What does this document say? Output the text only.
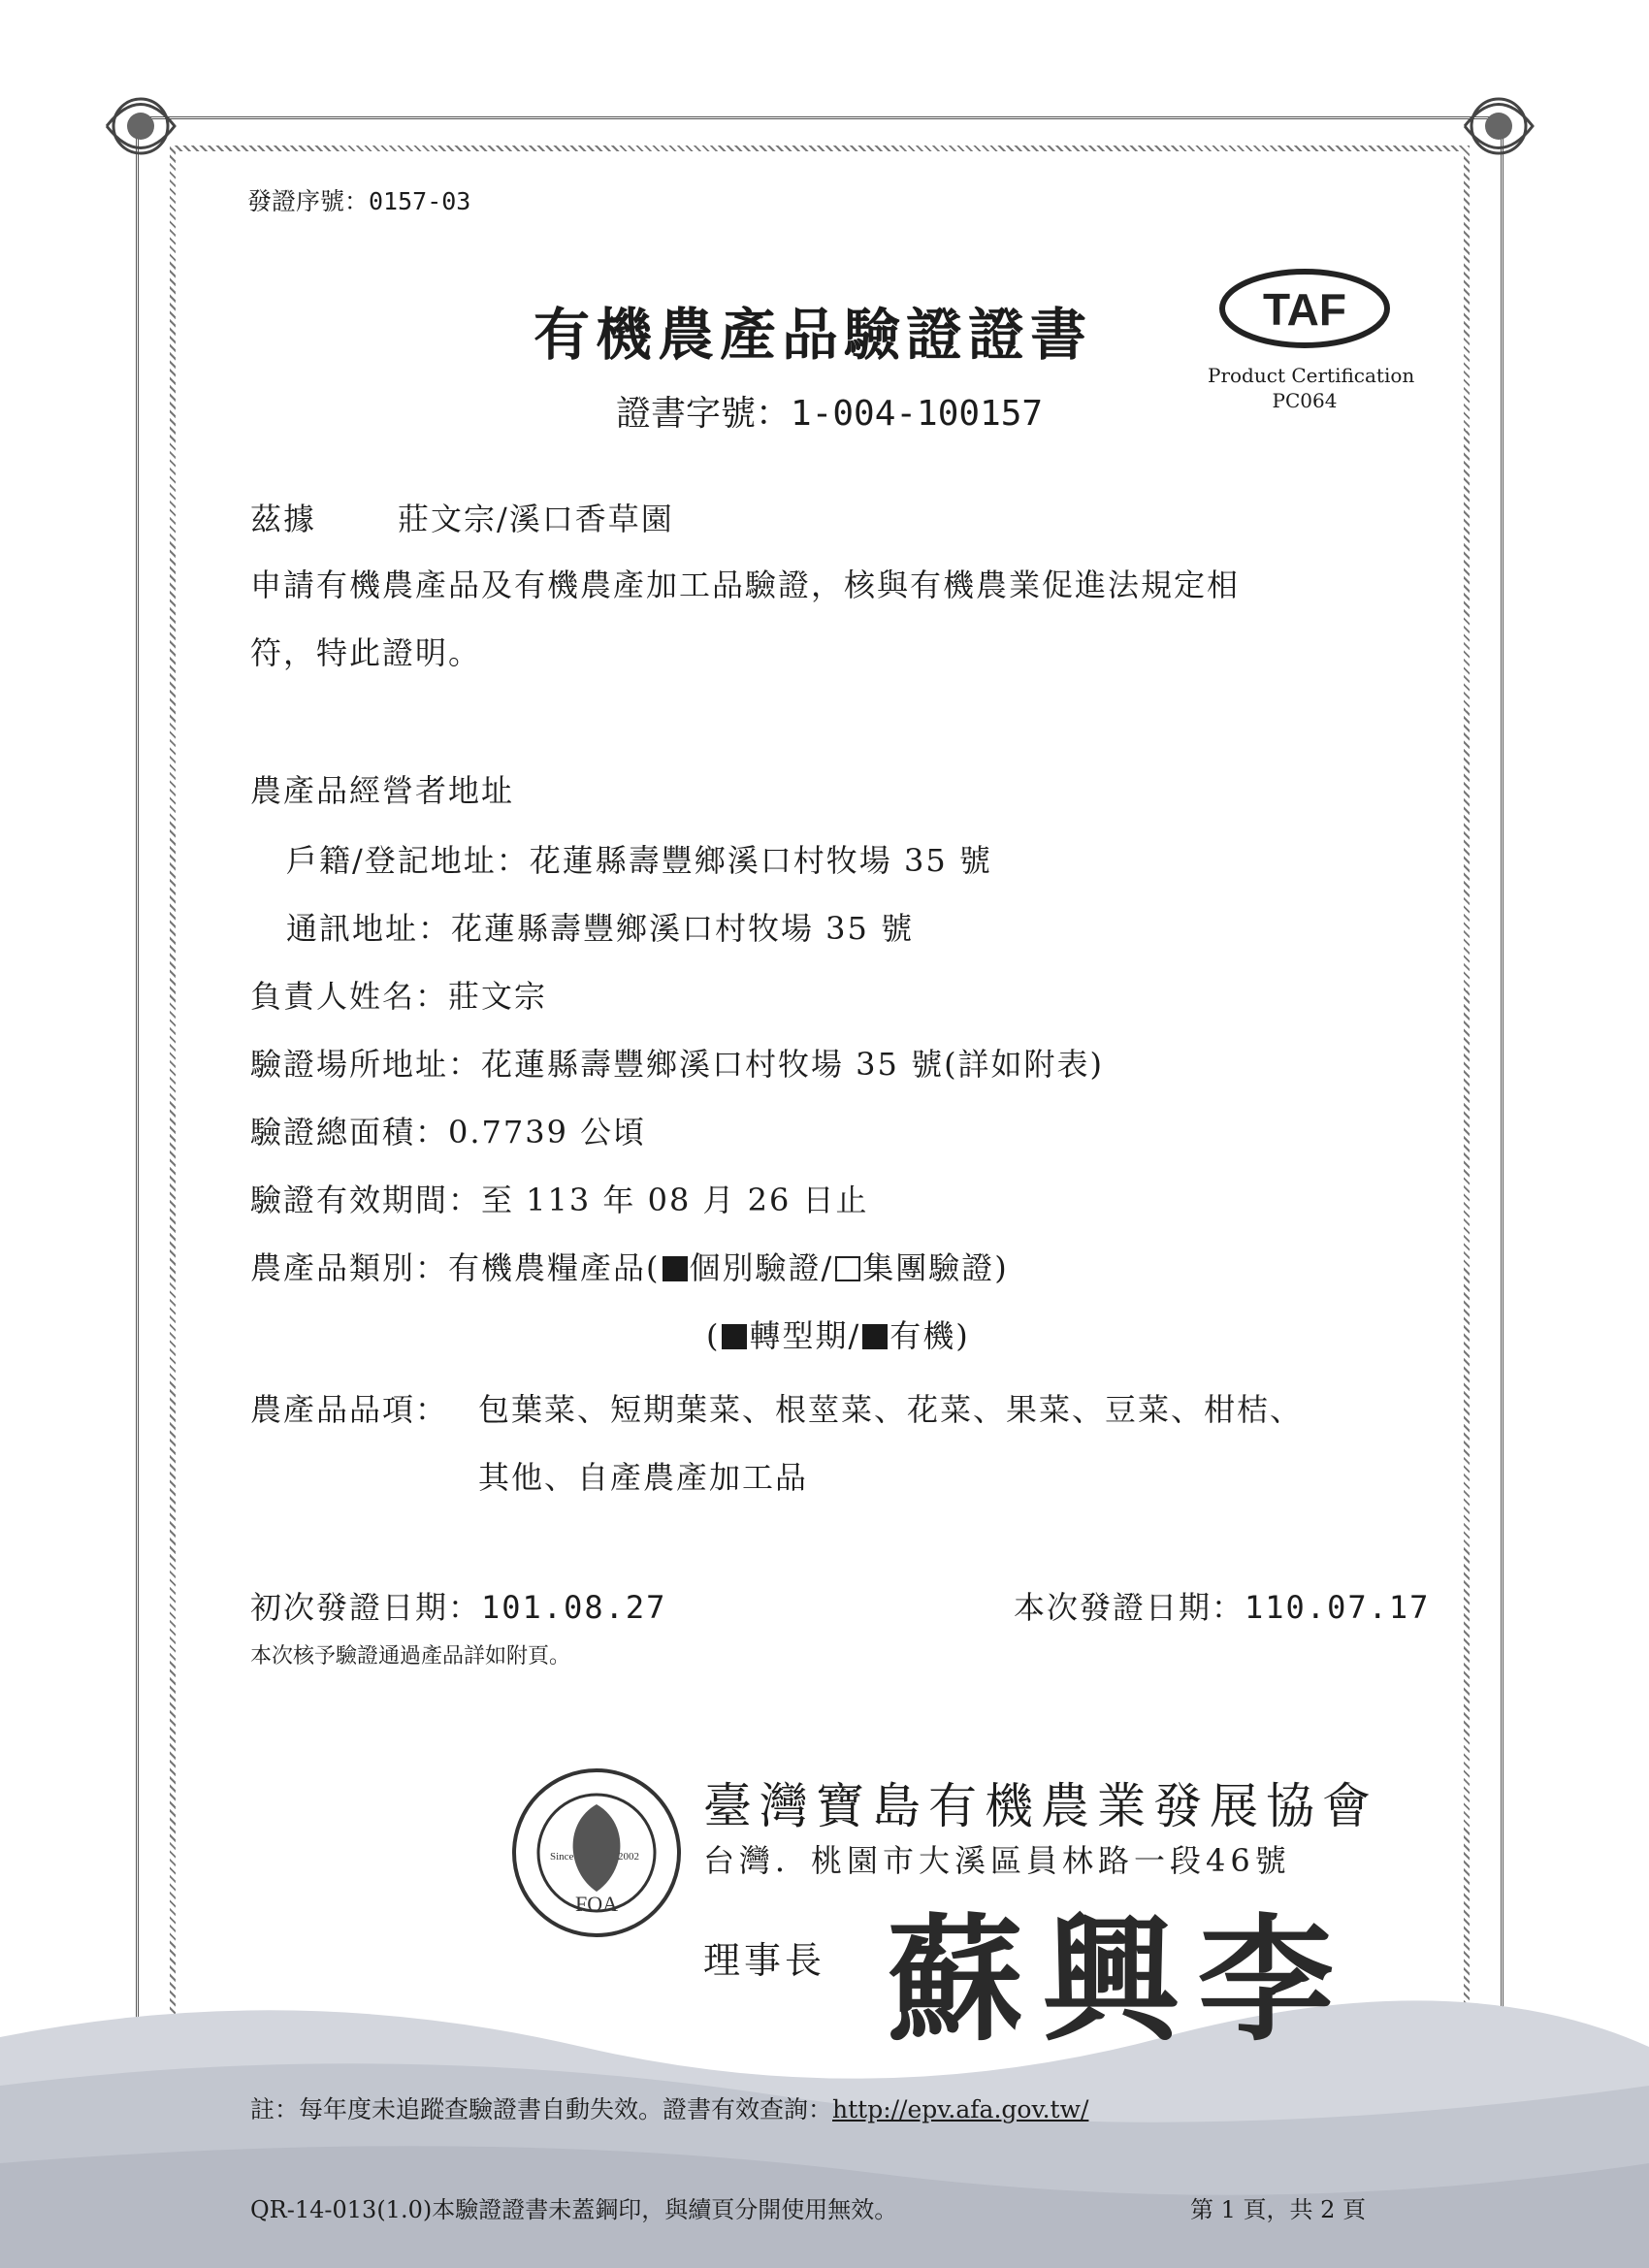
發證序號：0157-03
有機農產品驗證證書
證書字號：1-004-100157
TAF
Product Certification
PC064
茲據	莊文宗/溪口香草園
申請有機農產品及有機農產加工品驗證，核與有機農業促進法規定相
符，特此證明。
農產品經營者地址
戶籍/登記地址：花蓮縣壽豐鄉溪口村牧場 35 號
通訊地址：花蓮縣壽豐鄉溪口村牧場 35 號
負責人姓名：莊文宗
驗證場所地址：花蓮縣壽豐鄉溪口村牧場 35 號(詳如附表)
驗證總面積：0.7739 公頃
驗證有效期間：至 113 年 08 月 26 日止
農產品類別：有機農糧產品( 個別驗證/ 集團驗證)
( 轉型期/ 有機)
農產品品項： 包葉菜、短期葉菜、根莖菜、花菜、果菜、豆菜、柑桔、
其他、自產農產加工品
初次發證日期：101.08.27	本次發證日期：110.07.17
本次核予驗證通過產品詳如附頁。
Since	2002
FOA
臺灣寶島有機農業發展協會
台灣．桃園市大溪區員林路一段46號
理事長 蘇興李
註：每年度未追蹤查驗證書自動失效。證書有效查詢：http://epv.afa.gov.tw/
QR-14-013(1.0)本驗證證書未蓋鋼印，與續頁分開使用無效。	第 1 頁，共 2 頁
